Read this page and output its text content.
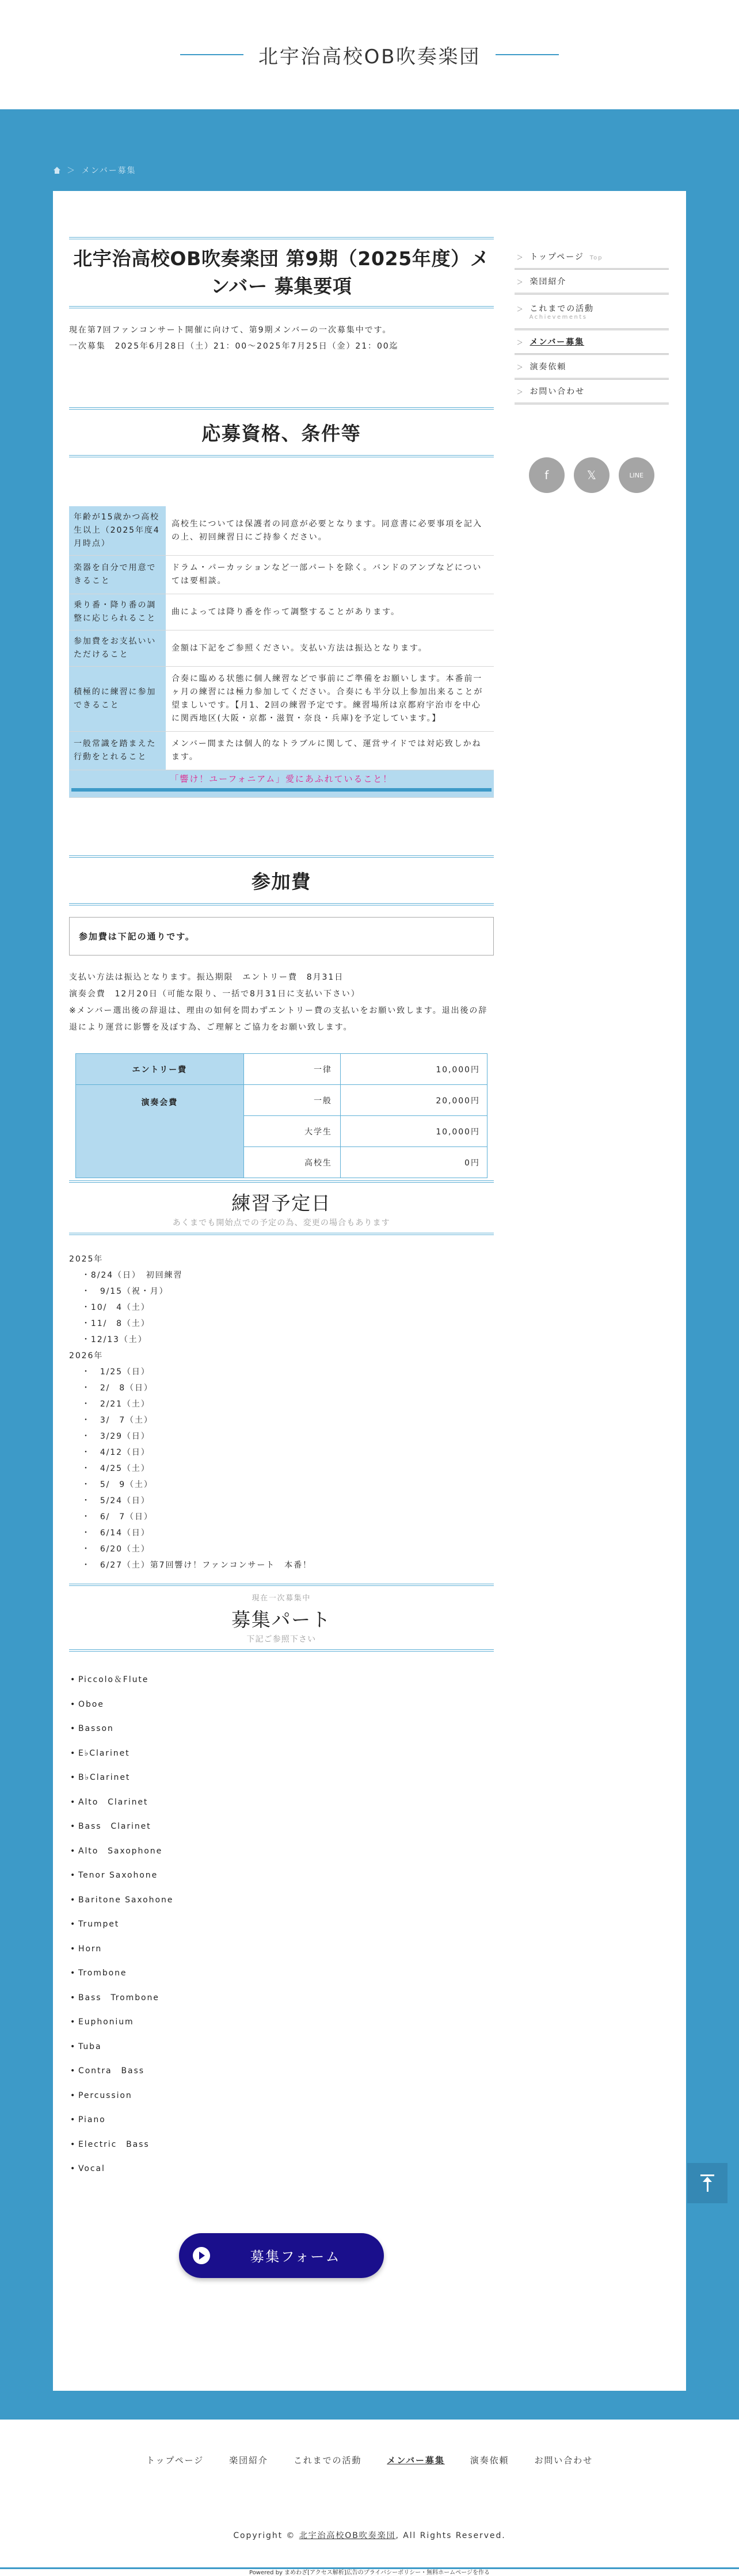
北宇治高校OB吹奏楽団
＞ メンバー募集
北宇治高校OB吹奏楽団 第9期（2025年度）メンバー 募集要項

現在第7回ファンコンサート開催に向けて、第9期メンバーの一次募集中です。

一次募集　2025年6月28日（土）21：00〜2025年7月25日（金）21：00迄

応募資格、条件等
年齢が15歳かつ高校生以上（2025年度4月時点）	高校生については保護者の同意が必要となります。同意書に必要事項を記入の上、初回練習日にご持参ください。
楽器を自分で用意できること	ドラム・パーカッションなど一部パートを除く。バンドのアンプなどについては要相談。
乗り番・降り番の調整に応じられること	曲によっては降り番を作って調整することがあります。
参加費をお支払いいただけること	金額は下記をご参照ください。支払い方法は振込となります。
積極的に練習に参加できること	合奏に臨める状態に個人練習などで事前にご準備をお願いします。本番前一ヶ月の練習には極力参加してください。合奏にも半分以上参加出来ることが望ましいです。【月1、2回の練習予定です。練習場所は京都府宇治市を中心に関西地区(大阪・京都・滋賀・奈良・兵庫)を予定しています。】
一般常識を踏まえた行動をとれること	メンバー間または個人的なトラブルに関して、運営サイドでは対応致しかねます。
「響け！ユーフォニアム」愛にあふれていること！	
参加費
参加費は下記の通りです。

支払い方法は振込となります。振込期限　エントリー費　8月31日

演奏会費　12月20日（可能な限り、一括で8月31日に支払い下さい）

※メンバー選出後の辞退は、理由の如何を問わずエントリー費の支払いをお願い致します。退出後の辞退により運営に影響を及ぼす為、ご理解とご協力をお願い致します。

エントリー費	一律	10,000円
演奏会費	一般	20,000円
	大学生	10,000円
	高校生	0円
練習予定日
あくまでも開始点での予定の為、変更の場合もあります

2025年

・8/24（日）　初回練習

・　9/15（祝・月）

・10/　4（土）

・11/　8（土）

・12/13（土）

2026年

・　1/25（日）

・　2/　8（日）

・　2/21（土）

・　3/　7（土）

・　3/29（日）

・　4/12（日）

・　4/25（土）

・　5/　9（土）

・　5/24（日）

・　6/　7（日）

・　6/14（日）

・　6/20（土）

・　6/27（土）第7回響け！ファンコンサート　本番！

現在一次募集中
募集パート
下記ご参照下さい
• Piccolo＆Flute
• Oboe
• Basson
• E♭Clarinet
• B♭Clarinet
• Alto　Clarinet
• Bass　Clarinet
• Alto　Saxophone
• Tenor Saxohone
• Baritone Saxohone
• Trumpet
• Horn
• Trombone
• Bass　Trombone
• Euphonium
• Tuba
• Contra　Bass
• Percussion
• Piano
• Electric　Bass
• Vocal
募集フォーム
＞ トップページ Top
＞ 楽団紹介
＞ これまでの活動
Achievements
＞ メンバー募集
＞ 演奏依頼
＞ お問い合わせ
f	𝕏	LINE
トップページ	楽団紹介	これまでの活動	メンバー募集	演奏依頼	お問い合わせ
Copyright © 北宇治高校OB吹奏楽団, All Rights Reserved.
Powered by まめわざ[アクセス解析]広告のプライバシーポリシー・無料ホームページを作る
